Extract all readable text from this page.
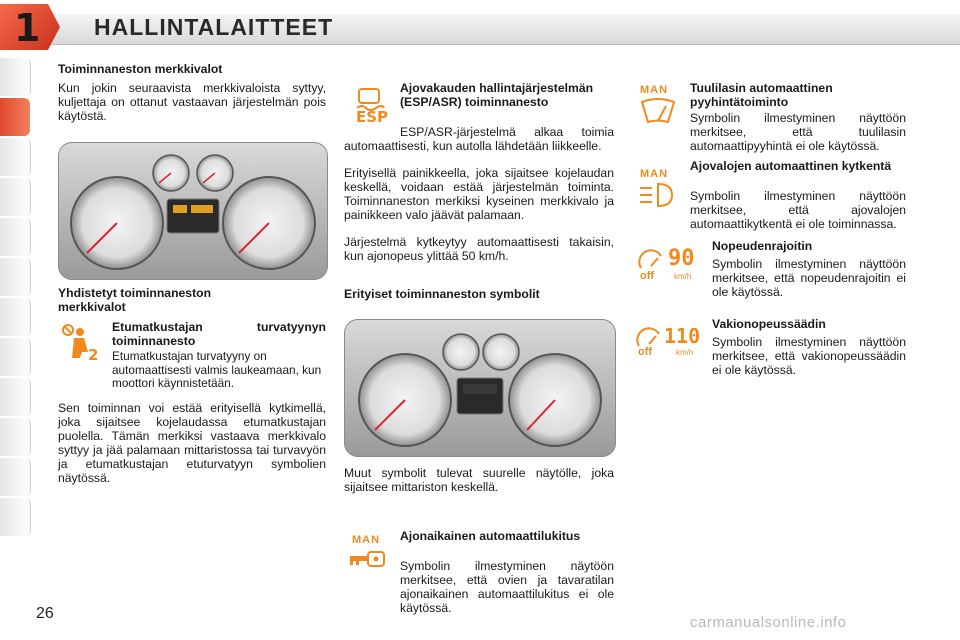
1 HALLINTALAITTEET

Toiminnaneston merkkivalot

Kun jokin seuraavista merkkivaloista syttyy, kuljettaja on ottanut vastaavan järjestelmän pois käytöstä.

Yhdistetyt toiminnaneston
merkkivalot

2

Etumatkustajan turvatyynyn toiminnanesto

Etumatkustajan turvatyyny on automaattisesti valmis laukeamaan, kun moottori käynnistetään.

Sen toiminnan voi estää erityisellä kytkimellä, joka sijaitsee kojelaudassa etumatkustajan puolella. Tämän merkiksi vastaava merkkivalo syttyy ja jää palamaan mittaristossa tai turvavyön ja etumatkustajan etuturvatyyn symbolien näytössä.

ESP

Ajovakauden hallintajärjestelmän (ESP/ASR) toiminnanesto

ESP/ASR-järjestelmä alkaa toimia automaattisesti, kun autolla lähdetään liikkeelle.

Erityisellä painikkeella, joka sijaitsee kojelaudan keskellä, voidaan estää järjestelmän toiminta. Toiminnaneston merkiksi kyseinen merkkivalo ja painikkeen valo jäävät palamaan.

Järjestelmä kytkeytyy automaattisesti takaisin, kun ajonopeus ylittää 50 km/h.

Erityiset toiminnaneston symbolit

Muut symbolit tulevat suurelle näytölle, joka sijaitsee mittariston keskellä.

MAN Ajonaikainen automaattilukitus

Symbolin ilmestyminen näytöön merkitsee, että ovien ja tavaratilan ajonaikainen automaattilukitus ei ole käytössä.

MAN Tuulilasin automaattinen pyyhintätoiminto

Symbolin ilmestyminen näyttöön merkitsee, että tuulilasin automaattipyyhintä ei ole käytössä.

MAN

Ajovalojen automaattinen kytkentä

Symbolin ilmestyminen näyttöön merkitsee, että ajovalojen automaattikytkentä ei ole toiminnassa.

off
90
km/h

Nopeudenrajoitin

Symbolin ilmestyminen näyttöön merkitsee, että nopeudenrajoitin ei ole käytössä.

off
110
km/h

Vakionopeussäädin

Symbolin ilmestyminen näyttöön merkitsee, että vakionopeussäädin ei ole käytössä.

26
carmanualsonline.info
